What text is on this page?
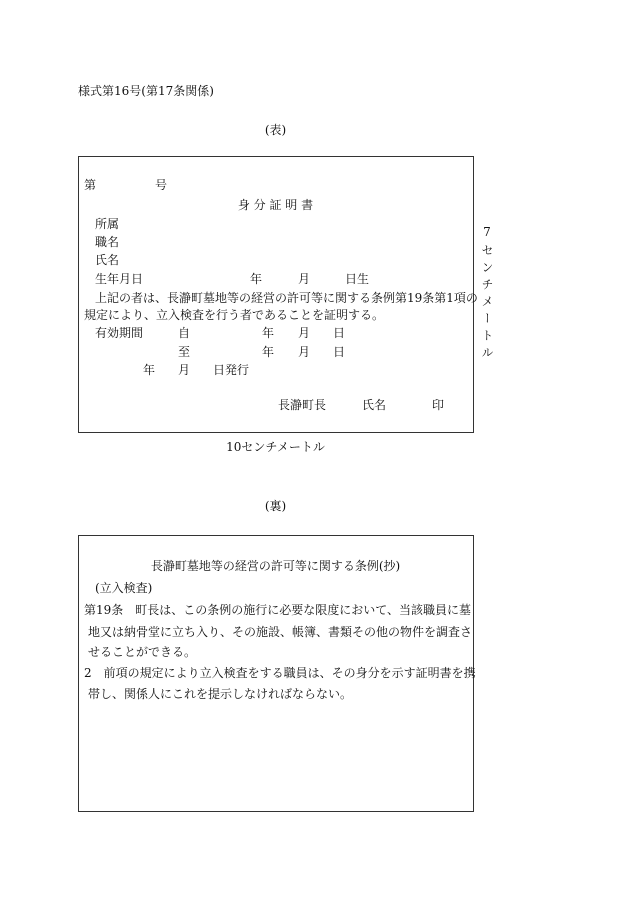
様式第16号(第17条関係)
(表)
第	号
身 分 証 明 書
所属
職名
氏名
生年月日	年	月	日生
上記の者は、長瀞町墓地等の経営の許可等に関する条例第19条第1項の
規定により、立入検査を行う者であることを証明する。
有効期間	自	年 月 日
至	年 月 日
年 月 日発行
長瀞町長	氏名	印
7センチメートル
10センチメートル
(裏)
長瀞町墓地等の経営の許可等に関する条例(抄)
(立入検査)
第19条　町長は、この条例の施行に必要な限度において、当該職員に墓
地又は納骨堂に立ち入り、その施設、帳簿、書類その他の物件を調査さ
せることができる。
2　前項の規定により立入検査をする職員は、その身分を示す証明書を携
帯し、関係人にこれを提示しなければならない。
